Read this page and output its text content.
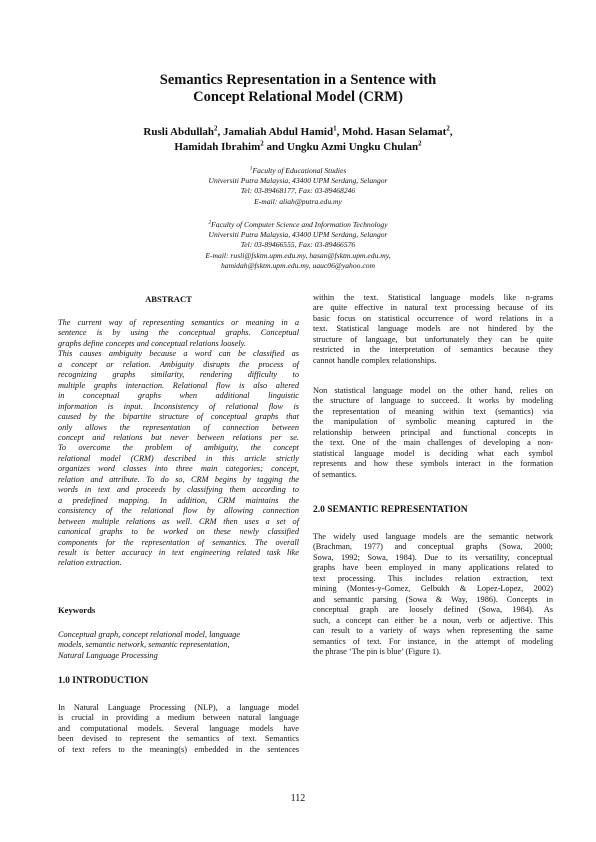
Semantics Representation in a Sentence with
Concept Relational Model (CRM)
Rusli Abdullah$^2$, Jamaliah Abdul Hamid$^1$, Mohd. Hasan Selamat$^2$,
Hamidah Ibrahim$^2$ and Ungku Azmi Ungku Chulan$^2$
$^1$Faculty of Educational Studies
Universiti Putra Malaysia, 43400 UPM Serdang, Selangor
Tel: 03-89468177, Fax: 03-89468246
E-mail: aliah@putra.edu.my
$^2$Faculty of Computer Science and Information Technology
Universiti Putra Malaysia, 43400 UPM Serdang, Selangor
Tel: 03-89466555, Fax: 03-89466576
E-mail: rusli@fsktm.upm.edu.my, hasan@fsktm.upm.edu.my,
hamidah@fsktm.upm.edu.my, uauc06@yahoo.com
ABSTRACT
The current way of representing semantics or meaning in a
sentence is by using the conceptual graphs. Conceptual
graphs define concepts and conceptual relations loosely.
This causes ambiguity because a word can be classified as
a concept or relation. Ambiguity disrupts the process of
recognizing graphs similarity, rendering difficulty to
multiple graphs interaction. Relational flow is also altered
in conceptual graphs when additional linguistic
information is input. Inconsistency of relational flow is
caused by the bipartite structure of conceptual graphs that
only allows the representation of connection between
concept and relations but never between relations per se.
To overcome the problem of ambiguity, the concept
relational model (CRM) described in this article strictly
organizes word classes into three main categories; concept,
relation and attribute. To do so, CRM begins by tagging the
words in text and proceeds by classifying them according to
a predefined mapping. In addition, CRM maintains the
consistency of the relational flow by allowing connection
between multiple relations as well. CRM then uses a set of
canonical graphs to be worked on these newly classified
components for the representation of semantics. The overall
result is better accuracy in text engineering related task like
relation extraction.
Keywords
Conceptual graph, concept relational model, language
models, semantic network, semantic representation,
Natural Language Processing
1.0 INTRODUCTION
In Natural Language Processing (NLP), a language model
is crucial in providing a medium between natural language
and computational models. Several language models have
been devised to represent the semantics of text. Semantics
of text refers to the meaning(s) embedded in the sentences
within the text. Statistical language models like n-grams
are quite effective in natural text processing because of its
basic focus on statistical occurrence of word relations in a
text. Statistical language models are not hindered by the
structure of language, but unfortunately they can be quite
restricted in the interpretation of semantics because they
cannot handle complex relationships.
Non statistical language model on the other hand, relies on
the structure of language to succeed. It works by modeling
the representation of meaning within text (semantics) via
the manipulation of symbolic meaning captured in the
relationship between principal and functional concepts in
the text. One of the main challenges of developing a non-
statistical language model is deciding what each symbol
represents and how these symbols interact in the formation
of semantics.
2.0 SEMANTIC REPRESENTATION
The widely used language models are the semantic network
(Brachman, 1977) and conceptual graphs (Sowa, 2000;
Sowa, 1992; Sowa, 1984). Due to its versatility, conceptual
graphs have been employed in many applications related to
text processing. This includes relation extraction, text
mining (Montes-y-Gomez, Gelbukh & Lopez-Lopez, 2002)
and semantic parsing (Sowa & Way, 1986). Concepts in
conceptual graph are loosely defined (Sowa, 1984). As
such, a concept can either be a noun, verb or adjective. This
can result to a variety of ways when representing the same
semantics of text. For instance, in the attempt of modeling
the phrase ‘The pin is blue’ (Figure 1).
112
